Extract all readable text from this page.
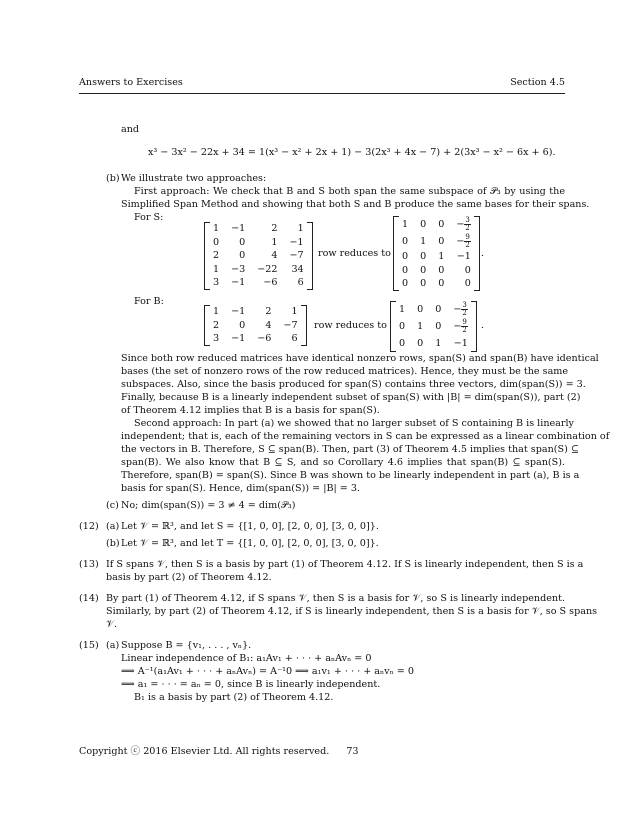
Answers to Exercises	Section 4.5
and
x³ − 3x² − 22x + 34 = 1(x³ − x² + 2x + 1) − 3(2x³ + 4x − 7) + 2(3x³ − x² − 6x + 6).
(b) We illustrate two approaches:
First approach: We check that B and S both span the same subspace of 𝒫₃ by using the
Simplified Span Method and showing that both S and B produce the same bases for their spans.
For S:
1	−1	2	1
0	0	1	−1
2	0	4	−7
1	−3	−22	34
3	−1	−6	6
row reduces to
1	0	0	− $\frac{3}{2}$

0	1	0	− $\frac{9}{2}$

0	0	1	−1
0	0	0	0
0	0	0	0
.
For B:
1	−1	2	1
2	0	4	−7
3	−1	−6	6
row reduces to
1	0	0	− $\frac{3}{2}$

0	1	0	− $\frac{9}{2}$

0	0	1	−1
.
Since both row reduced matrices have identical nonzero rows, span(S) and span(B) have identical
bases (the set of nonzero rows of the row reduced matrices). Hence, they must be the same
subspaces. Also, since the basis produced for span(S) contains three vectors, dim(span(S)) = 3.
Finally, because B is a linearly independent subset of span(S) with |B| = dim(span(S)), part (2)
of Theorem 4.12 implies that B is a basis for span(S).
Second approach: In part (a) we showed that no larger subset of S containing B is linearly
independent; that is, each of the remaining vectors in S can be expressed as a linear combination of
the vectors in B. Therefore, S ⊆ span(B). Then, part (3) of Theorem 4.5 implies that span(S) ⊆
span(B). We also know that B ⊆ S, and so Corollary 4.6 implies that span(B) ⊆ span(S).
Therefore, span(B) = span(S). Since B was shown to be linearly independent in part (a), B is a
basis for span(S). Hence, dim(span(S)) = |B| = 3.
(c) No; dim(span(S)) = 3 ≠ 4 = dim(𝒫₃)
(12) (a) Let 𝒱 = ℝ³, and let S = {[1, 0, 0], [2, 0, 0], [3, 0, 0]}.
(b) Let 𝒱 = ℝ³, and let T = {[1, 0, 0], [2, 0, 0], [3, 0, 0]}.
(13) If S spans 𝒱, then S is a basis by part (1) of Theorem 4.12. If S is linearly independent, then S is a
basis by part (2) of Theorem 4.12.
(14) By part (1) of Theorem 4.12, if S spans 𝒱, then S is a basis for 𝒱, so S is linearly independent.
Similarly, by part (2) of Theorem 4.12, if S is linearly independent, then S is a basis for 𝒱, so S spans
𝒱.
(15) (a) Suppose B = {v₁, . . . , vₙ}.
Linear independence of B₁: a₁Av₁ + · · · + aₙAvₙ = 0
⟹ A⁻¹(a₁Av₁ + · · · + aₙAvₙ) = A⁻¹0 ⟹ a₁v₁ + · · · + aₙvₙ = 0
⟹ a₁ = · · · = aₙ = 0, since B is linearly independent.
B₁ is a basis by part (2) of Theorem 4.12.
Copyright ⓒ 2016 Elsevier Ltd. All rights reserved. 73
